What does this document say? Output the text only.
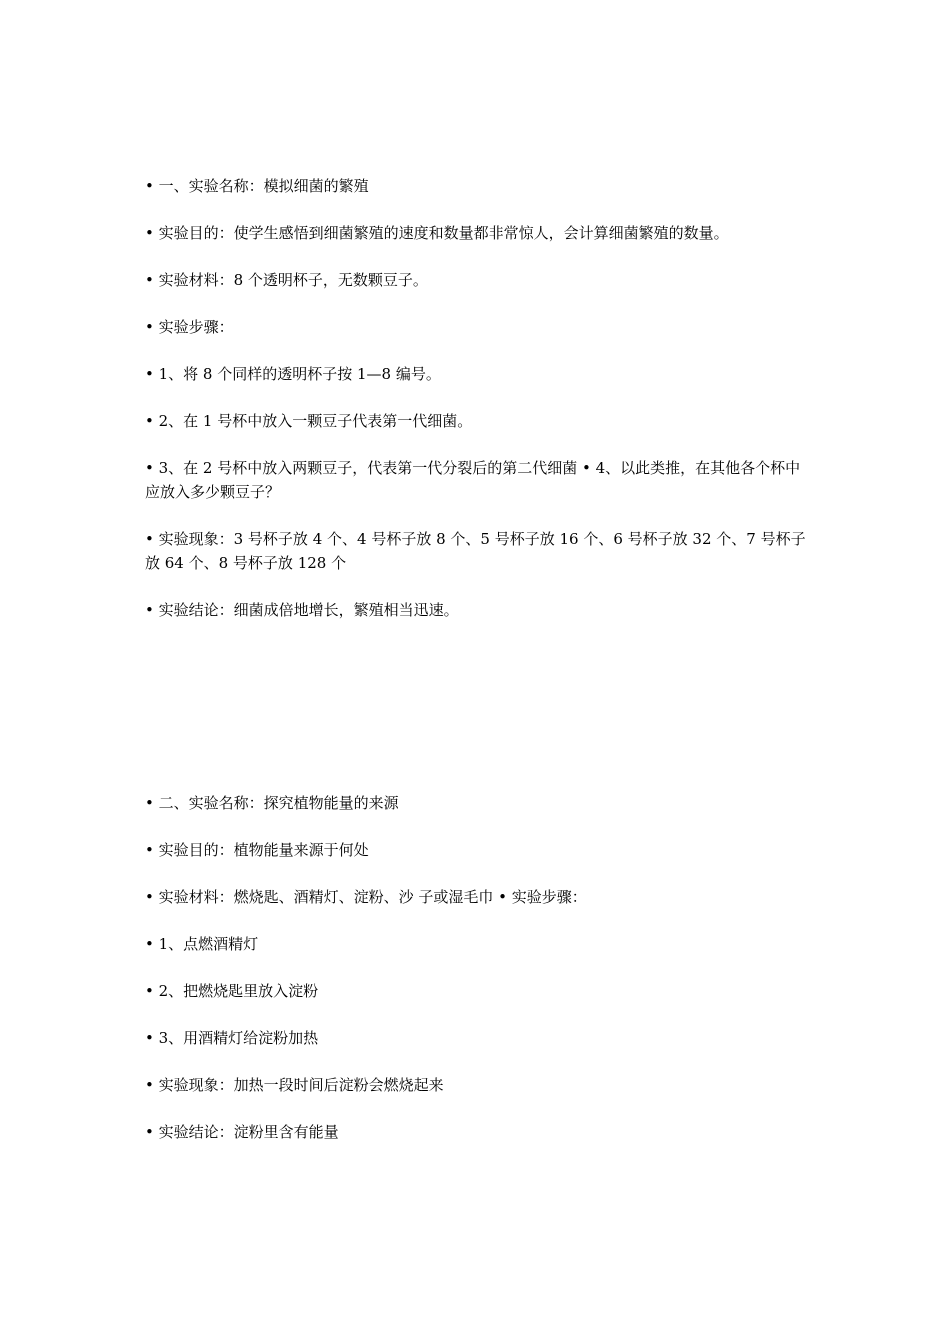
• 一、实验名称：模拟细菌的繁殖

• 实验目的：使学生感悟到细菌繁殖的速度和数量都非常惊人，会计算细菌繁殖的数量。

• 实验材料：8 个透明杯子，无数颗豆子。

• 实验步骤：

• 1、将 8 个同样的透明杯子按 1—8 编号。

• 2、在 1 号杯中放入一颗豆子代表第一代细菌。

• 3、在 2 号杯中放入两颗豆子，代表第一代分裂后的第二代细菌 • 4、以此类推，在其他各个杯中应放入多少颗豆子？

• 实验现象：3 号杯子放 4 个、4 号杯子放 8 个、5 号杯子放 16 个、6 号杯子放 32 个、7 号杯子放 64 个、8 号杯子放 128 个

• 实验结论：细菌成倍地增长，繁殖相当迅速。

• 二、实验名称：探究植物能量的来源

• 实验目的：植物能量来源于何处

• 实验材料：燃烧匙、酒精灯、淀粉、沙 子或湿毛巾 • 实验步骤：

• 1、点燃酒精灯

• 2、把燃烧匙里放入淀粉

• 3、用酒精灯给淀粉加热

• 实验现象：加热一段时间后淀粉会燃烧起来

• 实验结论：淀粉里含有能量
